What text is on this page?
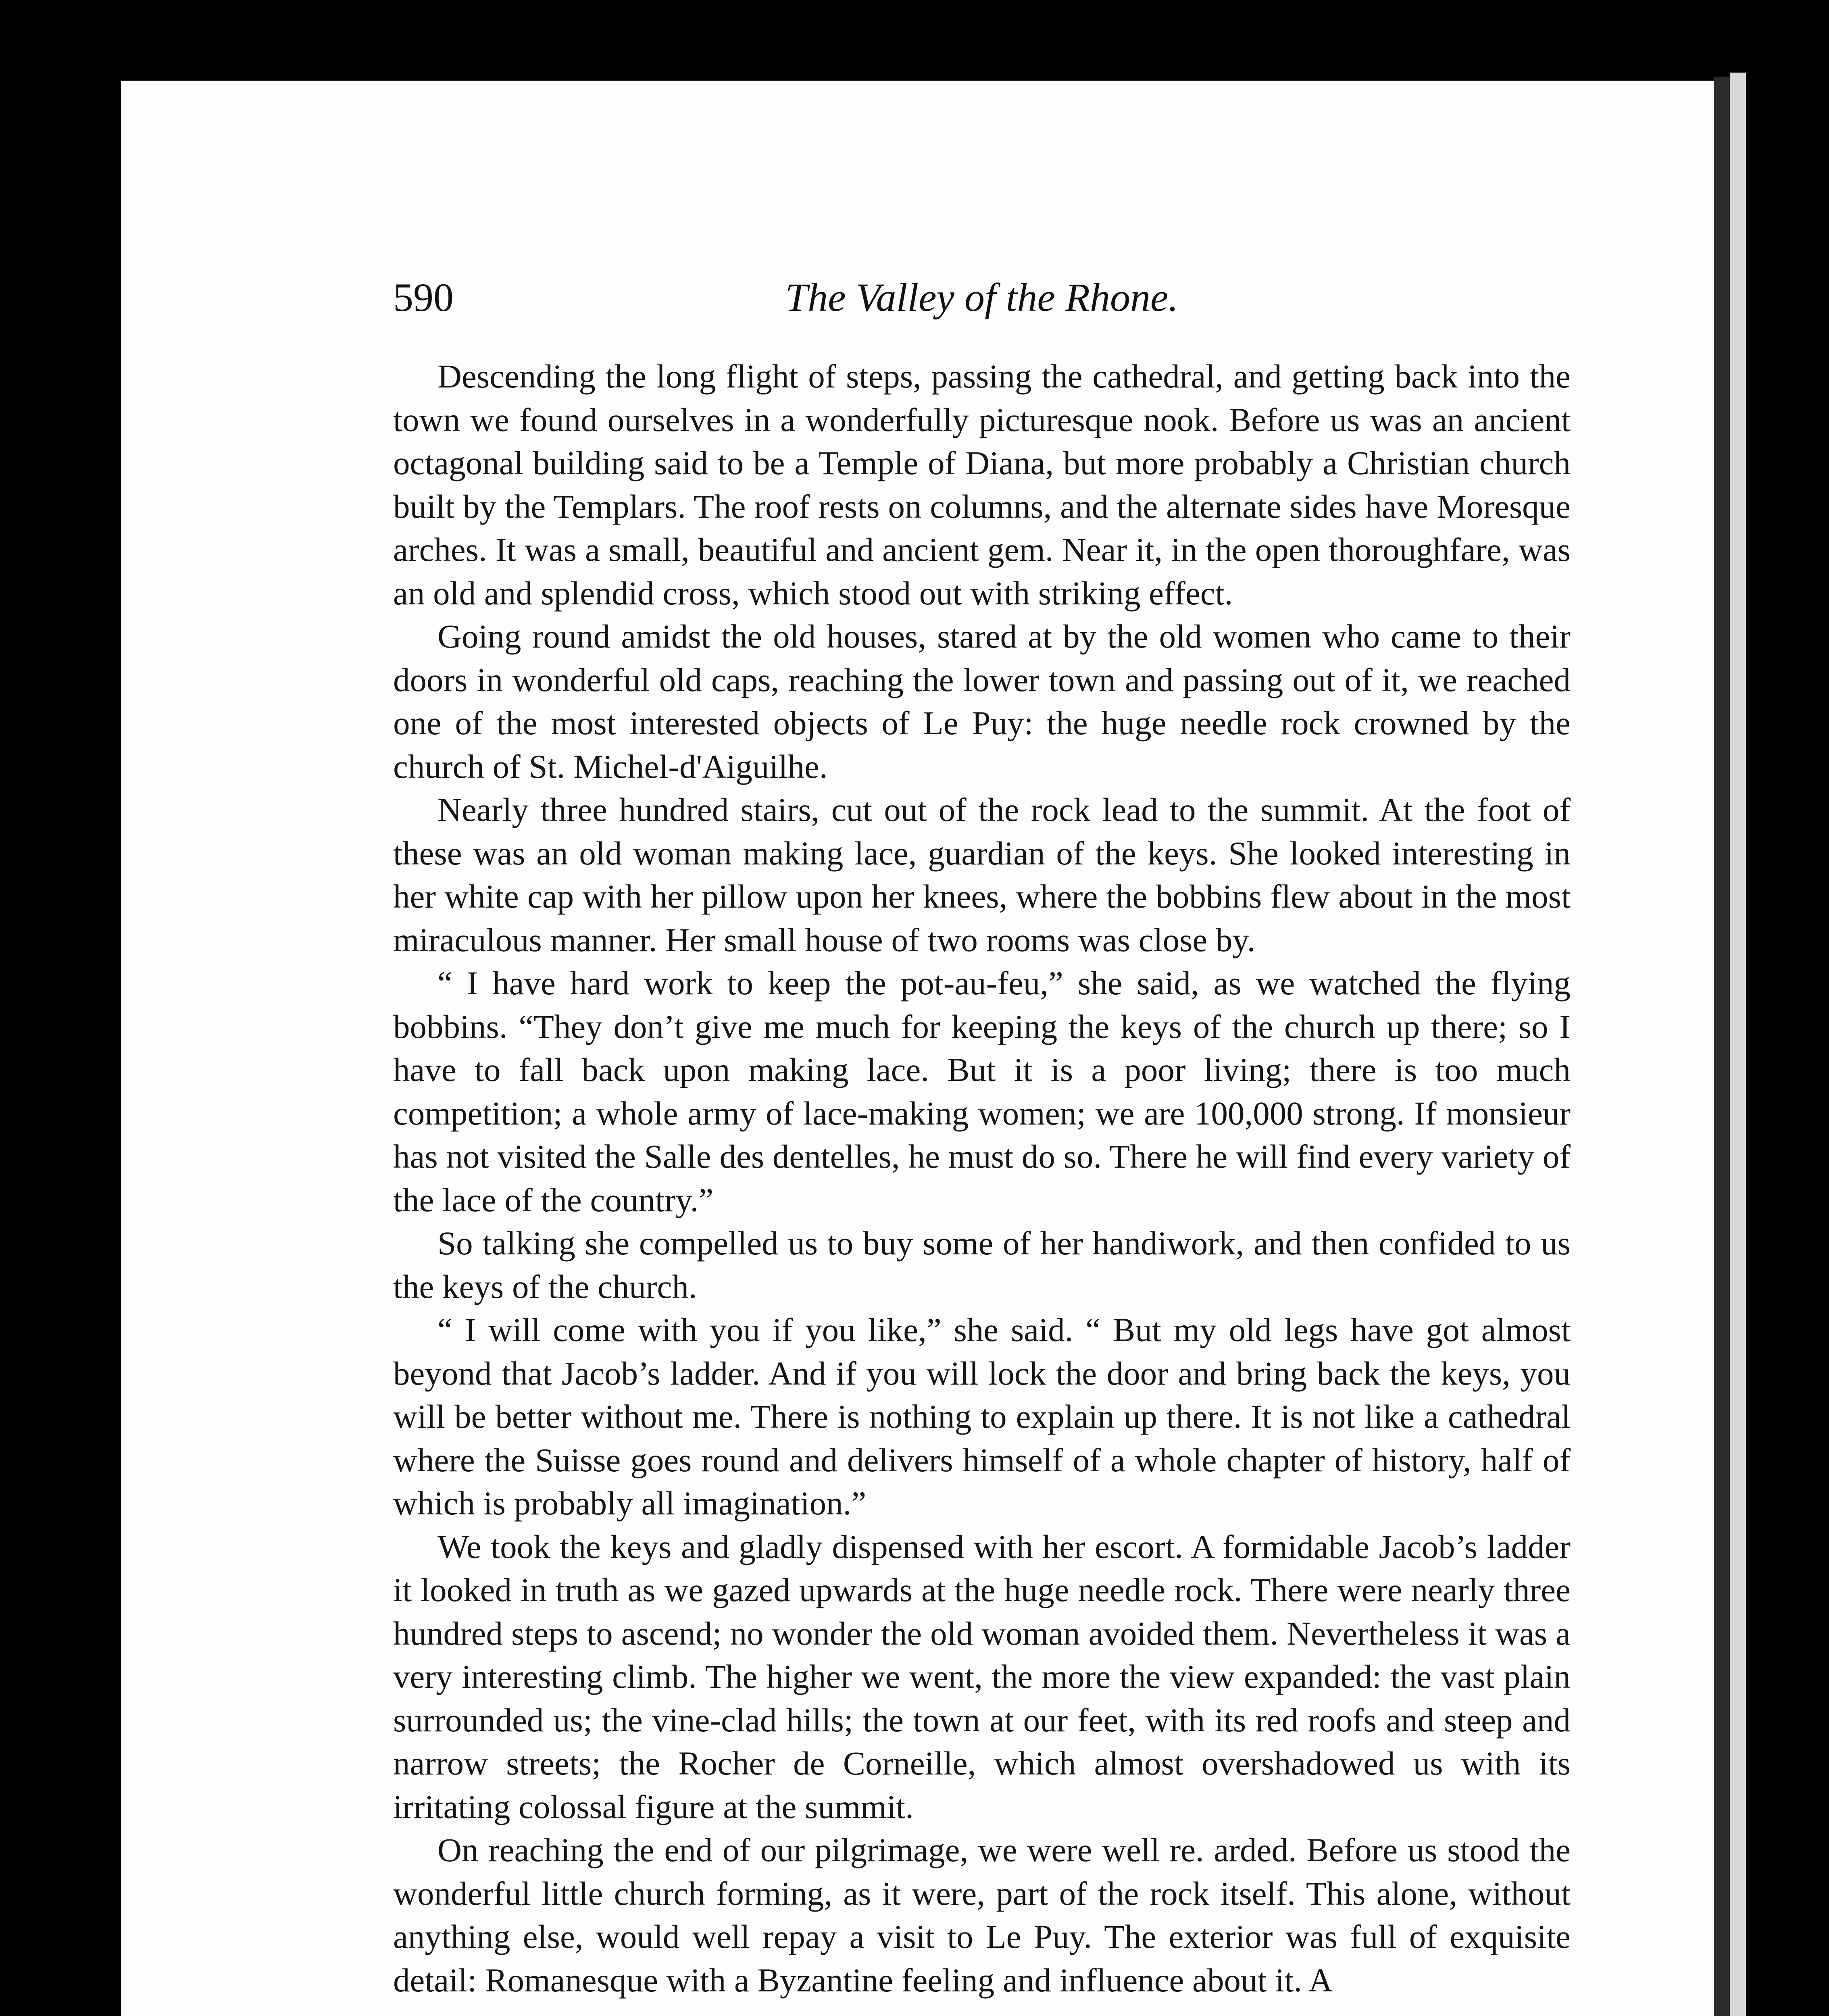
590	The Valley of the Rhone.

Descending the long flight of steps, passing the cathedral, and getting back into the town we found ourselves in a wonderfully picturesque nook. Before us was an ancient octagonal building said to be a Temple of Diana, but more probably a Christian church built by the Templars. The roof rests on columns, and the alternate sides have Moresque arches. It was a small, beautiful and ancient gem. Near it, in the open thoroughfare, was an old and splendid cross, which stood out with striking effect.

Going round amidst the old houses, stared at by the old women who came to their doors in wonderful old caps, reaching the lower town and passing out of it, we reached one of the most interested objects of Le Puy: the huge needle rock crowned by the church of St. Michel-d'Aiguilhe.

Nearly three hundred stairs, cut out of the rock lead to the summit. At the foot of these was an old woman making lace, guardian of the keys. She looked interesting in her white cap with her pillow upon her knees, where the bobbins flew about in the most miraculous manner. Her small house of two rooms was close by.

“ I have hard work to keep the pot-au-feu,” she said, as we watched the flying bobbins. “They don’t give me much for keeping the keys of the church up there; so I have to fall back upon making lace. But it is a poor living; there is too much competition; a whole army of lace-making women; we are 100,000 strong. If monsieur has not visited the Salle des dentelles, he must do so. There he will find every variety of the lace of the country.”

So talking she compelled us to buy some of her handiwork, and then confided to us the keys of the church.

“ I will come with you if you like,” she said. “ But my old legs have got almost beyond that Jacob’s ladder. And if you will lock the door and bring back the keys, you will be better without me. There is nothing to explain up there. It is not like a cathedral where the Suisse goes round and delivers himself of a whole chapter of history, half of which is probably all imagination.”

We took the keys and gladly dispensed with her escort. A formidable Jacob’s ladder it looked in truth as we gazed upwards at the huge needle rock. There were nearly three hundred steps to ascend; no wonder the old woman avoided them. Nevertheless it was a very interesting climb. The higher we went, the more the view expanded: the vast plain surrounded us; the vine-clad hills; the town at our feet, with its red roofs and steep and narrow streets; the Rocher de Corneille, which almost overshadowed us with its irritating colossal figure at the summit.

On reaching the end of our pilgrimage, we were well re. arded. Before us stood the wonderful little church forming, as it were, part of the rock itself. This alone, without anything else, would well repay a visit to Le Puy. The exterior was full of exquisite detail: Romanesque with a Byzantine feeling and influence about it. A
